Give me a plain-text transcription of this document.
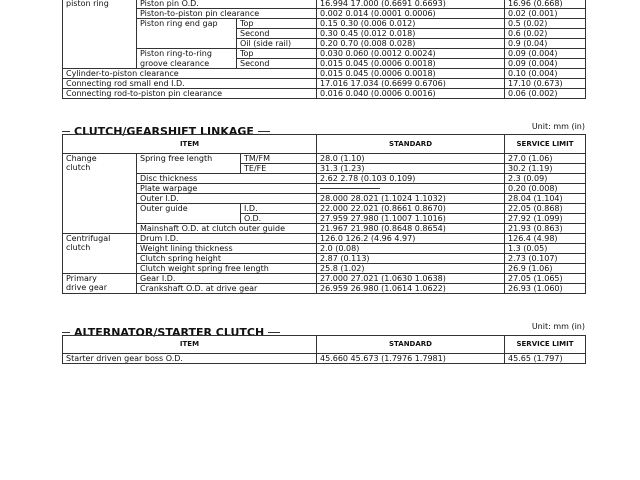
piston ring	Piston pin O.D.		16.994 17.000 (0.6691 0.6693)	16.96 (0.668)
	Piston-to-piston pin clearance		0.002 0.014 (0.0001 0.0006)	0.02 (0.001)
	Piston ring end gap	Top	0.15 0.30 (0.006 0.012)	0.5 (0.02)
		Second	0.30 0.45 (0.012 0.018)	0.6 (0.02)
		Oil (side rail)	0.20 0.70 (0.008 0.028)	0.9 (0.04)
	Piston ring-to-ring	Top	0.030 0.060 (0.0012 0.0024)	0.09 (0.004)
	groove clearance	Second	0.015 0.045 (0.0006 0.0018)	0.09 (0.004)
Cylinder-to-piston clearance			0.015 0.045 (0.0006 0.0018)	0.10 (0.004)
Connecting rod small end I.D.			17.016 17.034 (0.6699 0.6706)	17.10 (0.673)
Connecting rod-to-piston pin clearance			0.016 0.040 (0.0006 0.0016)	0.06 (0.002)
CLUTCH/GEARSHIFT LINKAGE	Unit: mm (in)
ITEM			STANDARD	SERVICE LIMIT
Change
clutch	Spring free length	TM/FM	28.0 (1.10)	27.0 (1.06)
		TE/FE	31.3 (1.23)	30.2 (1.19)
	Disc thickness		2.62 2.78 (0.103 0.109)	2.3 (0.09)
	Plate warpage			0.20 (0.008)
	Outer I.D.		28.000 28.021 (1.1024 1.1032)	28.04 (1.104)
	Outer guide	I.D.	22.000 22.021 (0.8661 0.8670)	22.05 (0.868)
		O.D.	27.959 27.980 (1.1007 1.1016)	27.92 (1.099)
	Mainshaft O.D. at clutch outer guide		21.967 21.980 (0.8648 0.8654)	21.93 (0.863)
Centrifugal
clutch	Drum I.D.		126.0 126.2 (4.96 4.97)	126.4 (4.98)
	Weight lining thickness		2.0 (0.08)	1.3 (0.05)
	Clutch spring height		2.87 (0.113)	2.73 (0.107)
	Clutch weight spring free length		25.8 (1.02)	26.9 (1.06)
Primary
drive gear	Gear I.D.		27.000 27.021 (1.0630 1.0638)	27.05 (1.065)
	Crankshaft O.D. at drive gear		26.959 26.980 (1.0614 1.0622)	26.93 (1.060)
ALTERNATOR/STARTER CLUTCH	Unit: mm (in)
ITEM	STANDARD	SERVICE LIMIT
Starter driven gear boss O.D.	45.660 45.673 (1.7976 1.7981)	45.65 (1.797)
